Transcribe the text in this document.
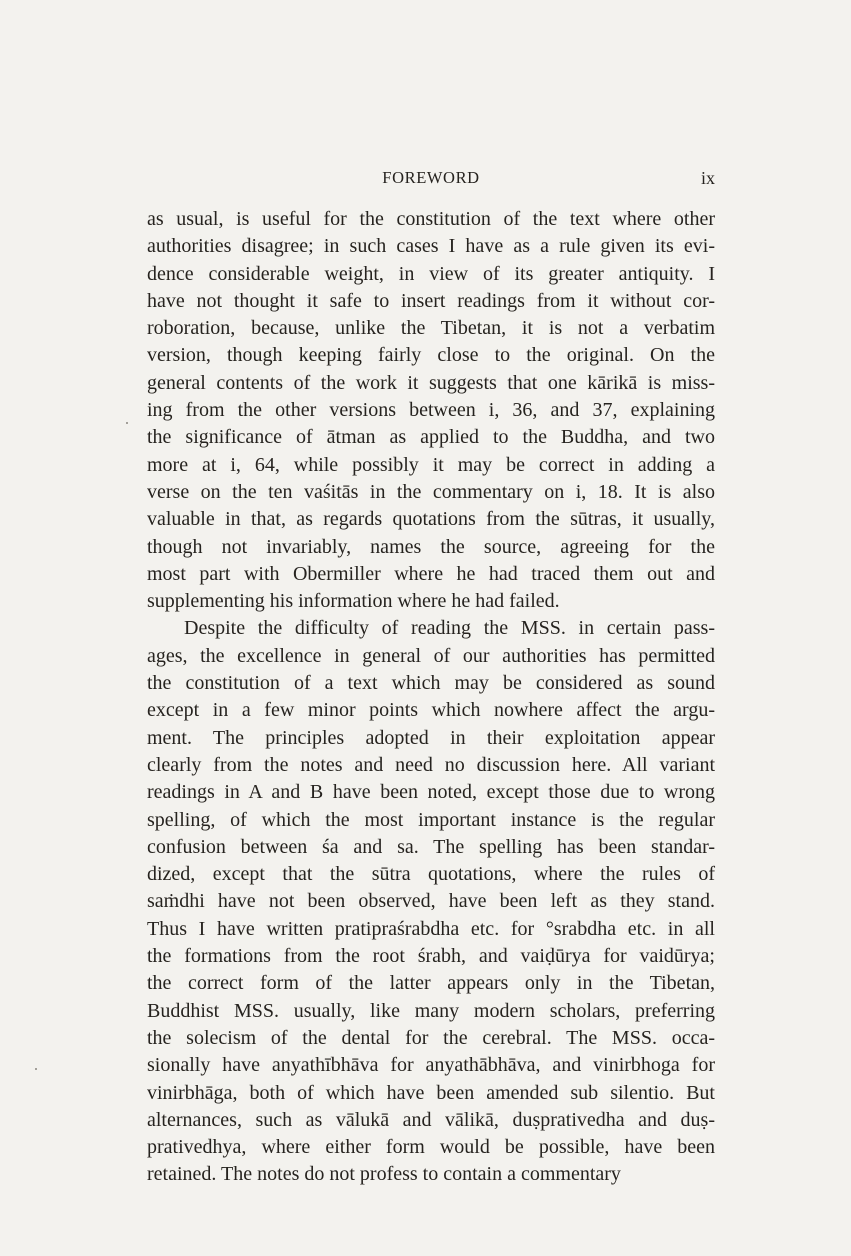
FOREWORD	ix
as usual, is useful for the constitution of the text where other
authorities disagree; in such cases I have as a rule given its evi-
dence considerable weight, in view of its greater antiquity. I
have not thought it safe to insert readings from it without cor-
roboration, because, unlike the Tibetan, it is not a verbatim
version, though keeping fairly close to the original. On the
general contents of the work it suggests that one kārikā is miss-
ing from the other versions between i, 36, and 37, explaining
the significance of ātman as applied to the Buddha, and two
more at i, 64, while possibly it may be correct in adding a
verse on the ten vaśitās in the commentary on i, 18. It is also
valuable in that, as regards quotations from the sūtras, it usually,
though not invariably, names the source, agreeing for the
most part with Obermiller where he had traced them out and
supplementing his information where he had failed.
Despite the difficulty of reading the MSS. in certain pass-
ages, the excellence in general of our authorities has permitted
the constitution of a text which may be considered as sound
except in a few minor points which nowhere affect the argu-
ment. The principles adopted in their exploitation appear
clearly from the notes and need no discussion here. All variant
readings in A and B have been noted, except those due to wrong
spelling, of which the most important instance is the regular
confusion between śa and sa. The spelling has been standar-
dized, except that the sūtra quotations, where the rules of
saṁdhi have not been observed, have been left as they stand.
Thus I have written pratipraśrabdha etc. for °srabdha etc. in all
the formations from the root śrabh, and vaiḍūrya for vaidūrya;
the correct form of the latter appears only in the Tibetan,
Buddhist MSS. usually, like many modern scholars, preferring
the solecism of the dental for the cerebral. The MSS. occa-
sionally have anyathībhāva for anyathābhāva, and vinirbhoga for
vinirbhāga, both of which have been amended sub silentio. But
alternances, such as vālukā and vālikā, duṣprativedha and duṣ-
prativedhya, where either form would be possible, have been
retained. The notes do not profess to contain a commentary
